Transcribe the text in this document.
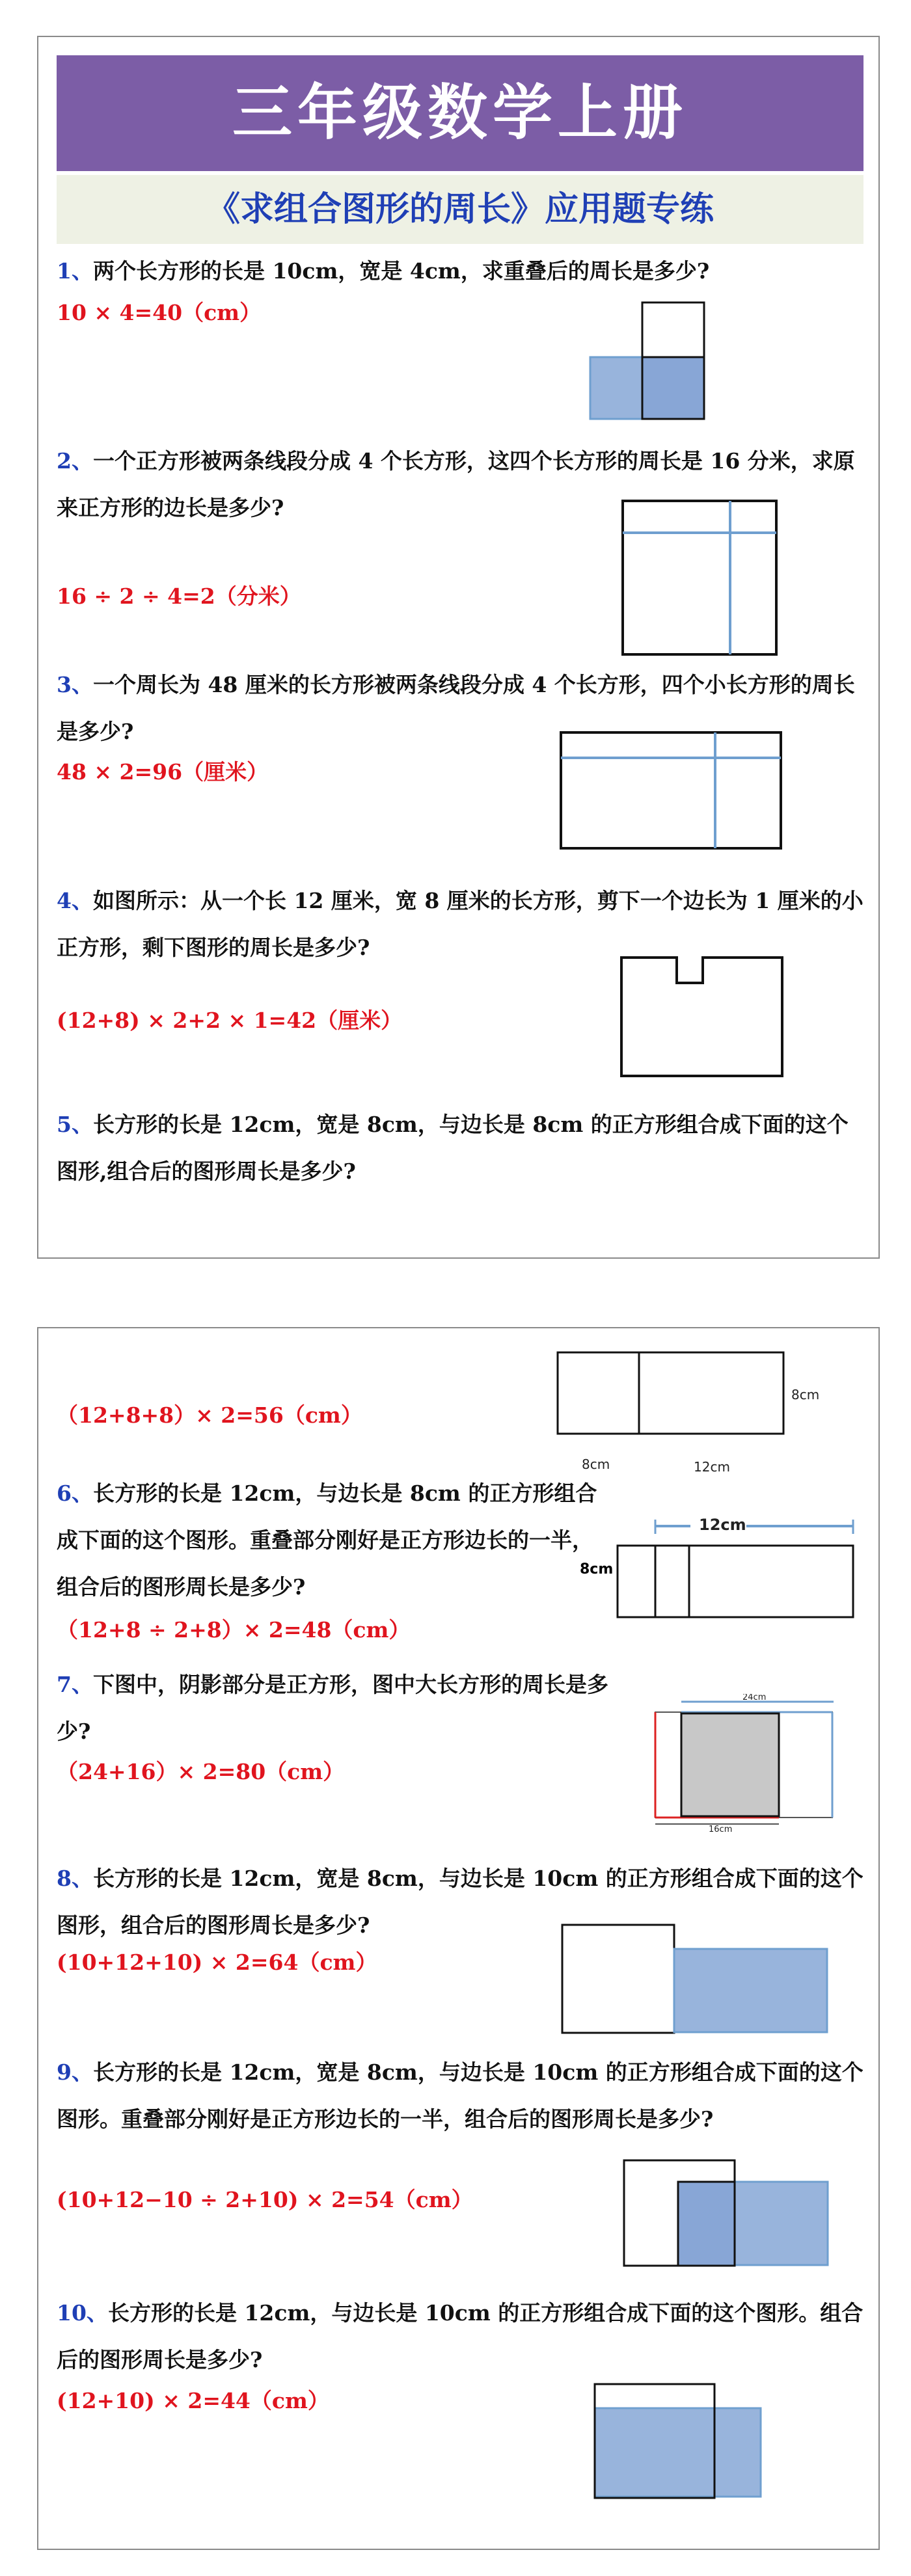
三年级数学上册
《求组合图形的周长》应用题专练
1、两个长方形的长是 10cm，宽是 4cm，求重叠后的周长是多少?
10 × 4=40（cm）
2、一个正方形被两条线段分成 4 个长方形，这四个长方形的周长是 16 分米，求原来正方形的边长是多少?
16 ÷ 2 ÷ 4=2（分米）
3、一个周长为 48 厘米的长方形被两条线段分成 4 个长方形，四个小长方形的周长是多少?
48 × 2=96（厘米）
4、如图所示：从一个长 12 厘米，宽 8 厘米的长方形，剪下一个边长为 1 厘米的小正方形，剩下图形的周长是多少?
(12+8) × 2+2 × 1=42（厘米）
5、长方形的长是 12cm，宽是 8cm，与边长是 8cm 的正方形组合成下面的这个图形,组合后的图形周长是多少?
（12+8+8）× 2=56（cm）
8cm
8cm	12cm
6、长方形的长是 12cm，与边长是 8cm 的正方形组合成下面的这个图形。重叠部分刚好是正方形边长的一半，组合后的图形周长是多少?
（12+8 ÷ 2+8）× 2=48（cm）
12cm
8cm
7、下图中，阴影部分是正方形，图中大长方形的周长是多少?
（24+16）× 2=80（cm）
24cm
16cm
8、长方形的长是 12cm，宽是 8cm，与边长是 10cm 的正方形组合成下面的这个图形，组合后的图形周长是多少?
(10+12+10) × 2=64（cm）
9、长方形的长是 12cm，宽是 8cm，与边长是 10cm 的正方形组合成下面的这个图形。重叠部分刚好是正方形边长的一半，组合后的图形周长是多少?
(10+12−10 ÷ 2+10) × 2=54（cm）
10、长方形的长是 12cm，与边长是 10cm 的正方形组合成下面的这个图形。组合后的图形周长是多少?
(12+10) × 2=44（cm）
